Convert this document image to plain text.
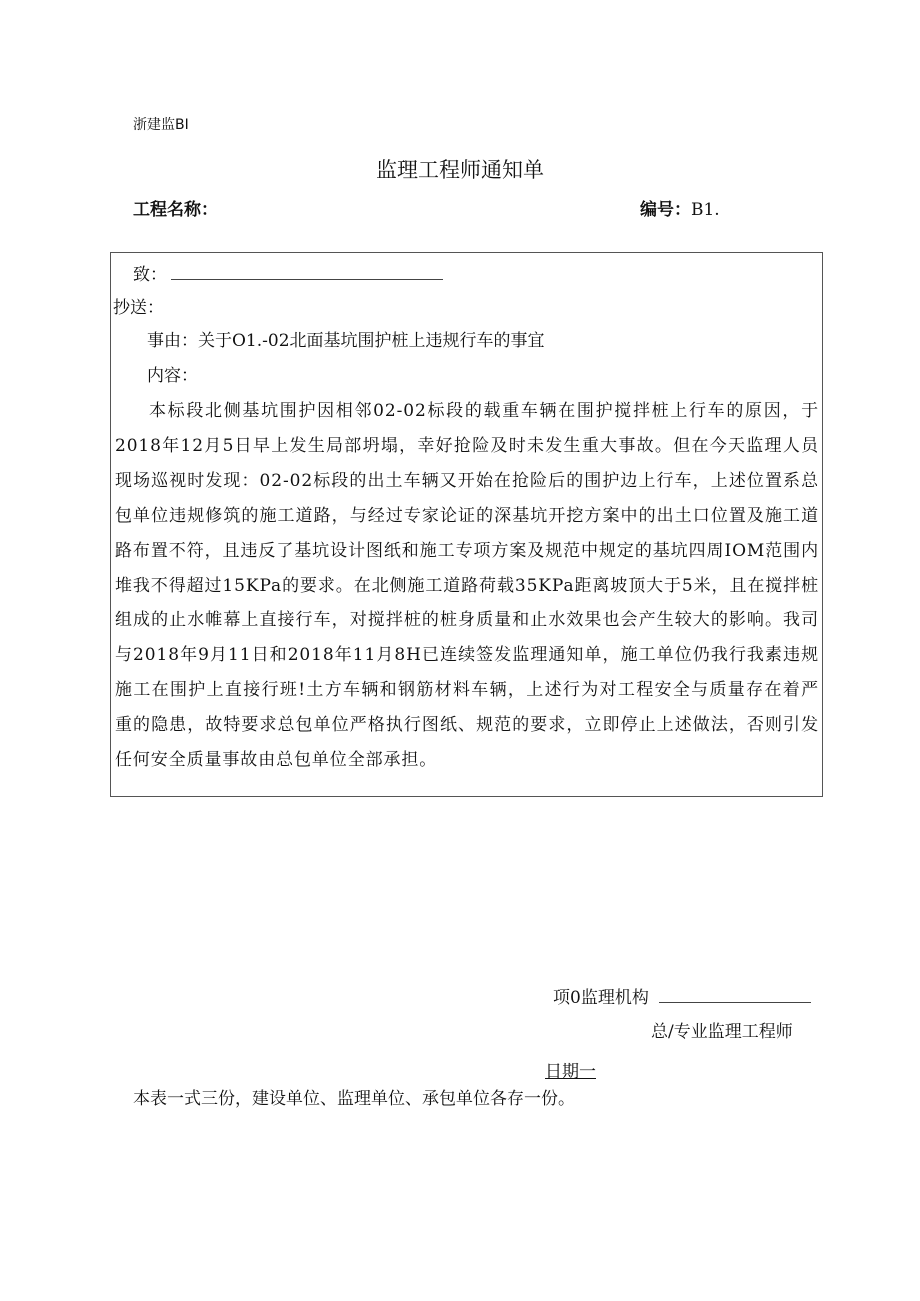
浙建监BI
监理工程师通知单
工程名称：	编号：B1.
致：
抄送：
事由：关于O1.-02北面基坑围护桩上违规行车的事宜
内容：
本标段北侧基坑围护因相邻02-02标段的载重车辆在围护搅拌桩上行车的原因，于2018年12月5日早上发生局部坍塌，幸好抢险及时未发生重大事故。但在今天监理人员现场巡视时发现：02-02标段的出土车辆又开始在抢险后的围护边上行车，上述位置系总包单位违规修筑的施工道路，与经过专家论证的深基坑开挖方案中的出土口位置及施工道路布置不符，且违反了基坑设计图纸和施工专项方案及规范中规定的基坑四周IOM范围内堆我不得超过15KPa的要求。在北侧施工道路荷载35KPa距离坡顶大于5米，且在搅拌桩组成的止水帷幕上直接行车，对搅拌桩的桩身质量和止水效果也会产生较大的影响。我司与2018年9月11日和2018年11月8H已连续签发监理通知单，施工单位仍我行我素违规施工在围护上直接行班!土方车辆和钢筋材料车辆，上述行为对工程安全与质量存在着严重的隐患，故特要求总包单位严格执行图纸、规范的要求，立即停止上述做法，否则引发任何安全质量事故由总包单位全部承担。
项0监理机构
总/专业监理工程师
日期一
本表一式三份，建设单位、监理单位、承包单位各存一份。
